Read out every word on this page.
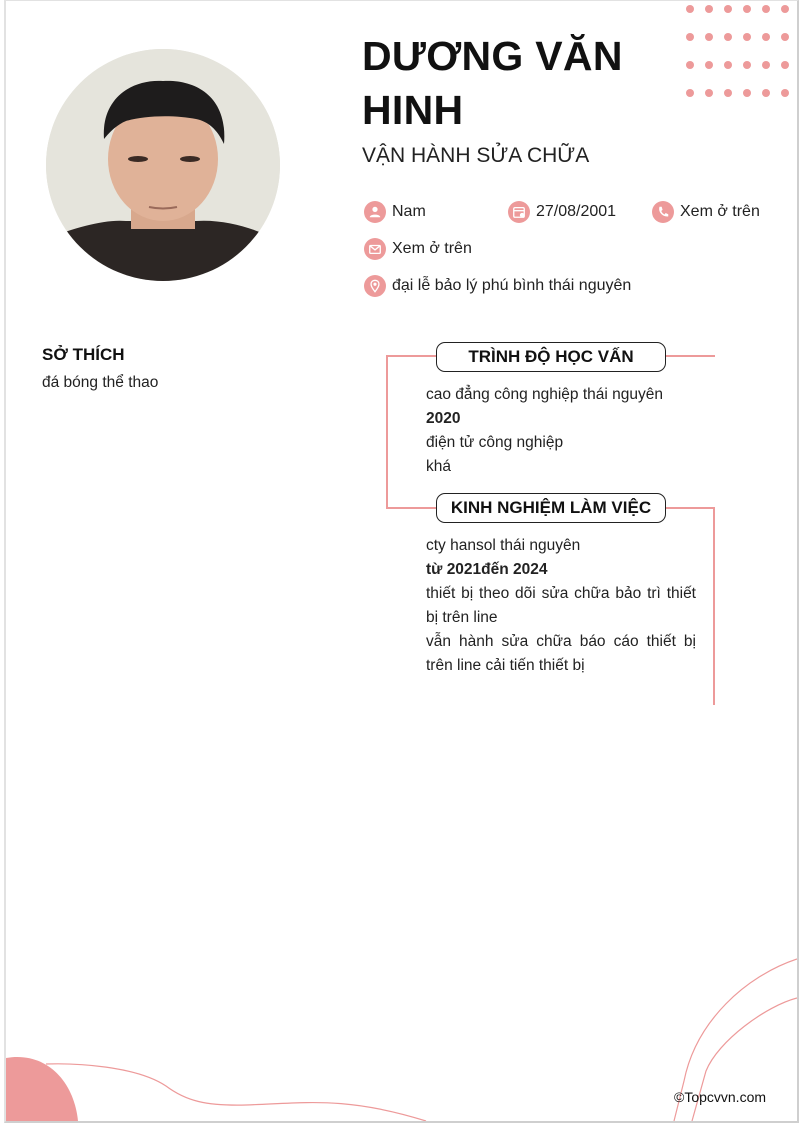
DƯƠNG VĂN HINH
VẬN HÀNH SỬA CHỮA
Nam	27/08/2001	Xem ở trên
Xem ở trên
đại lễ bảo lý phú bình thái nguyên
SỞ THÍCH
đá bóng thể thao
TRÌNH ĐỘ HỌC VẤN
cao đẳng công nghiệp thái nguyên
2020
điện tử công nghiệp
khá
KINH NGHIỆM LÀM VIỆC
cty hansol thái nguyên
từ 2021đến 2024
thiết bị theo dõi sửa chữa bảo trì thiết bị trên line
vẫn hành sửa chữa báo cáo thiết bị trên line cải tiến thiết bị
©Topcvvn.com
